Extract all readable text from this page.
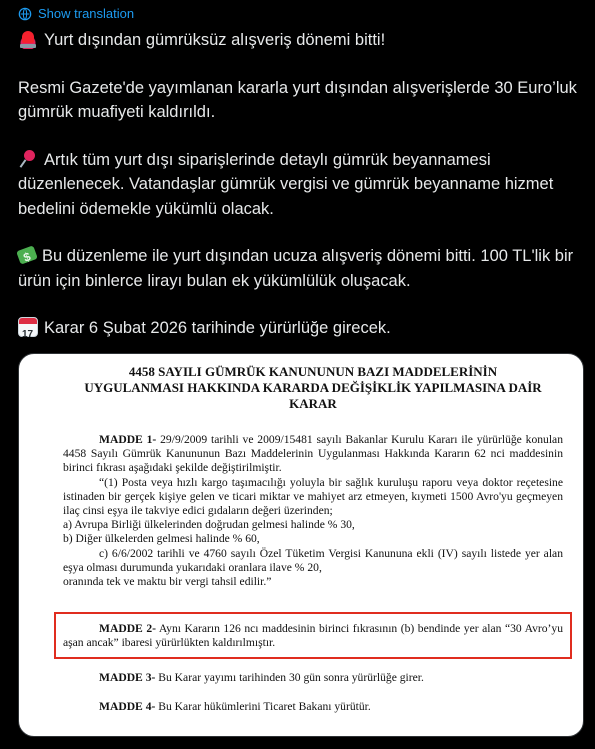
Show translation

Yurt dışından gümrüksüz alışveriş dönemi bitti!

Resmi Gazete'de yayımlanan kararla yurt dışından alışverişlerde 30 Euro’luk gümrük muafiyeti kaldırıldı.

Artık tüm yurt dışı siparişlerinde detaylı gümrük beyannamesi düzenlenecek. Vatandaşlar gümrük vergisi ve gümrük beyanname hizmet bedelini ödemekle yükümlü olacak.

$Bu düzenleme ile yurt dışından ucuza alışveriş dönemi bitti. 100 TL'lik bir ürün için binlerce lirayı bulan ek yükümlülük oluşacak.

17Karar 6 Şubat 2026 tarihinde yürürlüğe girecek.

4458 SAYILI GÜMRÜK KANUNUNUN BAZI MADDELERİNİN
UYGULANMASI HAKKINDA KARARDA DEĞİŞİKLİK YAPILMASINA DAİR
KARAR

MADDE 1- 29/9/2009 tarihli ve 2009/15481 sayılı Bakanlar Kurulu Kararı ile yürürlüğe konulan 4458 Sayılı Gümrük Kanununun Bazı Maddelerinin Uygulanması Hakkında Kararın 62 nci maddesinin birinci fıkrası aşağıdaki şekilde değiştirilmiştir.

“(1) Posta veya hızlı kargo taşımacılığı yoluyla bir sağlık kuruluşu raporu veya doktor reçetesine istinaden bir gerçek kişiye gelen ve ticari miktar ve mahiyet arz etmeyen, kıymeti 1500 Avro'yu geçmeyen ilaç cinsi eşya ile takviye edici gıdaların değeri üzerinden;

a) Avrupa Birliği ülkelerinden doğrudan gelmesi halinde % 30,

b) Diğer ülkelerden gelmesi halinde % 60,

c) 6/6/2002 tarihli ve 4760 sayılı Özel Tüketim Vergisi Kanununa ekli (IV) sayılı listede yer alan eşya olması durumunda yukarıdaki oranlara ilave % 20,

oranında tek ve maktu bir vergi tahsil edilir.”

MADDE 2- Aynı Kararın 126 ncı maddesinin birinci fıkrasının (b) bendinde yer alan “30 Avro’yu aşan ancak” ibaresi yürürlükten kaldırılmıştır.

MADDE 3- Bu Karar yayımı tarihinden 30 gün sonra yürürlüğe girer.

MADDE 4- Bu Karar hükümlerini Ticaret Bakanı yürütür.
